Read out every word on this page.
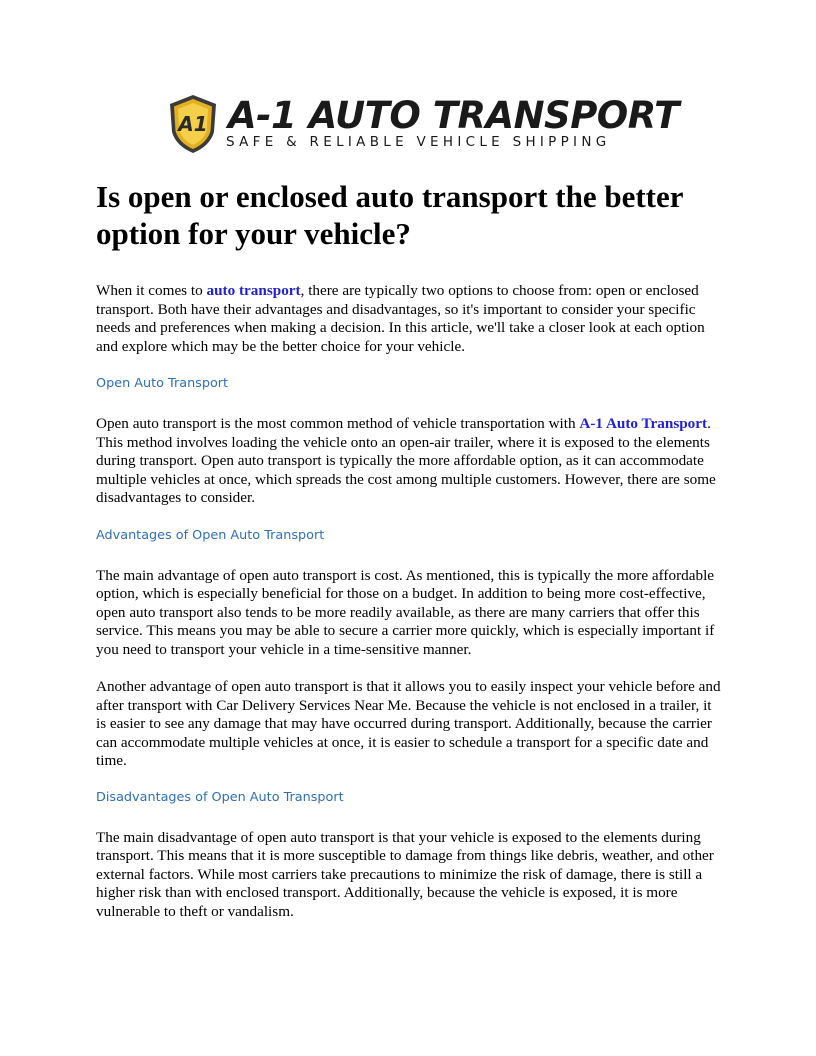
A1 A-1 AUTO TRANSPORT
SAFE & RELIABLE VEHICLE SHIPPING
Is open or enclosed auto transport the better option for your vehicle?

When it comes to auto transport, there are typically two options to choose from: open or enclosed transport. Both have their advantages and disadvantages, so it's important to consider your specific needs and preferences when making a decision. In this article, we'll take a closer look at each option and explore which may be the better choice for your vehicle.

Open Auto Transport

Open auto transport is the most common method of vehicle transportation with A-1 Auto Transport. This method involves loading the vehicle onto an open-air trailer, where it is exposed to the elements during transport. Open auto transport is typically the more affordable option, as it can accommodate multiple vehicles at once, which spreads the cost among multiple customers. However, there are some disadvantages to consider.

Advantages of Open Auto Transport

The main advantage of open auto transport is cost. As mentioned, this is typically the more affordable option, which is especially beneficial for those on a budget. In addition to being more cost-effective, open auto transport also tends to be more readily available, as there are many carriers that offer this service. This means you may be able to secure a carrier more quickly, which is especially important if you need to transport your vehicle in a time-sensitive manner.

Another advantage of open auto transport is that it allows you to easily inspect your vehicle before and after transport with Car Delivery Services Near Me. Because the vehicle is not enclosed in a trailer, it is easier to see any damage that may have occurred during transport. Additionally, because the carrier can accommodate multiple vehicles at once, it is easier to schedule a transport for a specific date and time.

Disadvantages of Open Auto Transport

The main disadvantage of open auto transport is that your vehicle is exposed to the elements during transport. This means that it is more susceptible to damage from things like debris, weather, and other external factors. While most carriers take precautions to minimize the risk of damage, there is still a higher risk than with enclosed transport. Additionally, because the vehicle is exposed, it is more vulnerable to theft or vandalism.
